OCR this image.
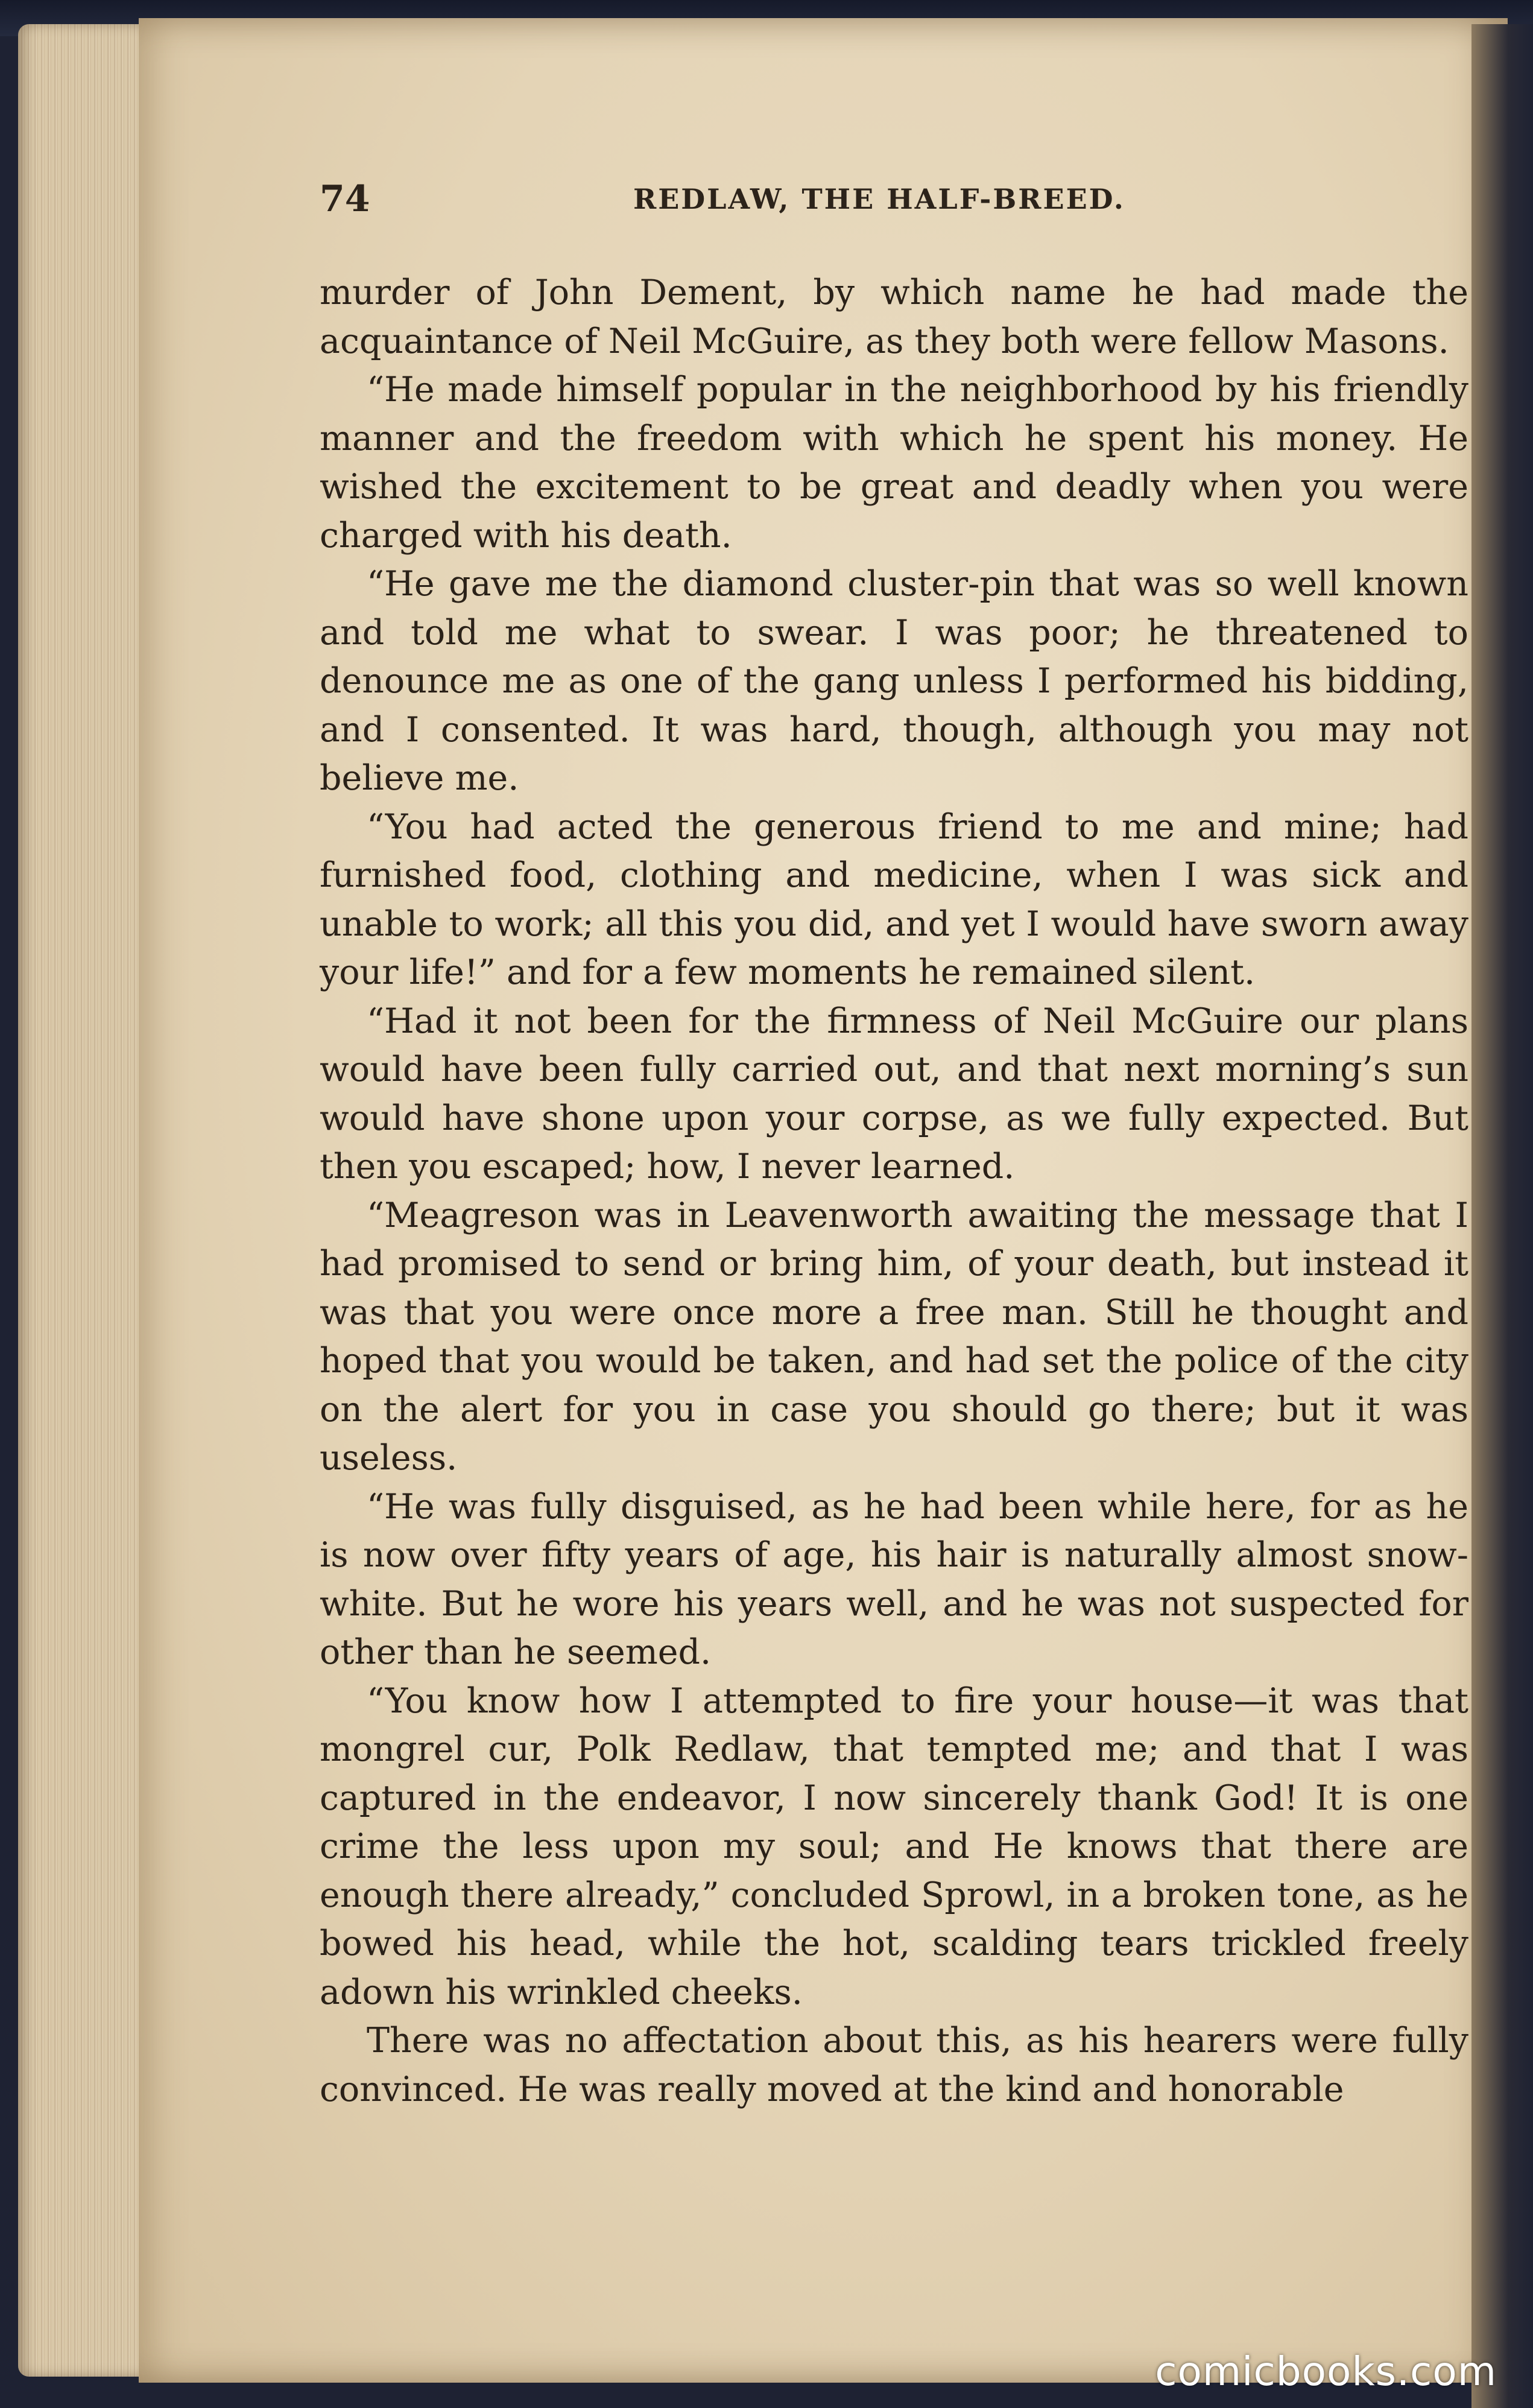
74	REDLAW, THE HALF-BREED.

murder of John Dement, by which name he had made the acquaintance of Neil McGuire, as they both were fellow Masons.

“He made himself popular in the neighborhood by his friendly manner and the freedom with which he spent his money. He wished the excitement to be great and deadly when you were charged with his death.

“He gave me the diamond cluster-pin that was so well known and told me what to swear. I was poor; he threatened to denounce me as one of the gang unless I performed his bidding, and I consented. It was hard, though, although you may not believe me.

“You had acted the generous friend to me and mine; had furnished food, clothing and medicine, when I was sick and unable to work; all this you did, and yet I would have sworn away your life!” and for a few moments he remained silent.

“Had it not been for the firmness of Neil McGuire our plans would have been fully carried out, and that next morning’s sun would have shone upon your corpse, as we fully expected. But then you escaped; how, I never learned.

“Meagreson was in Leavenworth awaiting the message that I had promised to send or bring him, of your death, but instead it was that you were once more a free man. Still he thought and hoped that you would be taken, and had set the police of the city on the alert for you in case you should go there; but it was useless.

“He was fully disguised, as he had been while here, for as he is now over fifty years of age, his hair is naturally almost snow-white. But he wore his years well, and he was not suspected for other than he seemed.

“You know how I attempted to fire your house—it was that mongrel cur, Polk Redlaw, that tempted me; and that I was captured in the endeavor, I now sincerely thank God! It is one crime the less upon my soul; and He knows that there are enough there already,” concluded Sprowl, in a broken tone, as he bowed his head, while the hot, scalding tears trickled freely adown his wrinkled cheeks.

There was no affectation about this, as his hearers were fully convinced. He was really moved at the kind and honorable

comicbooks.com
